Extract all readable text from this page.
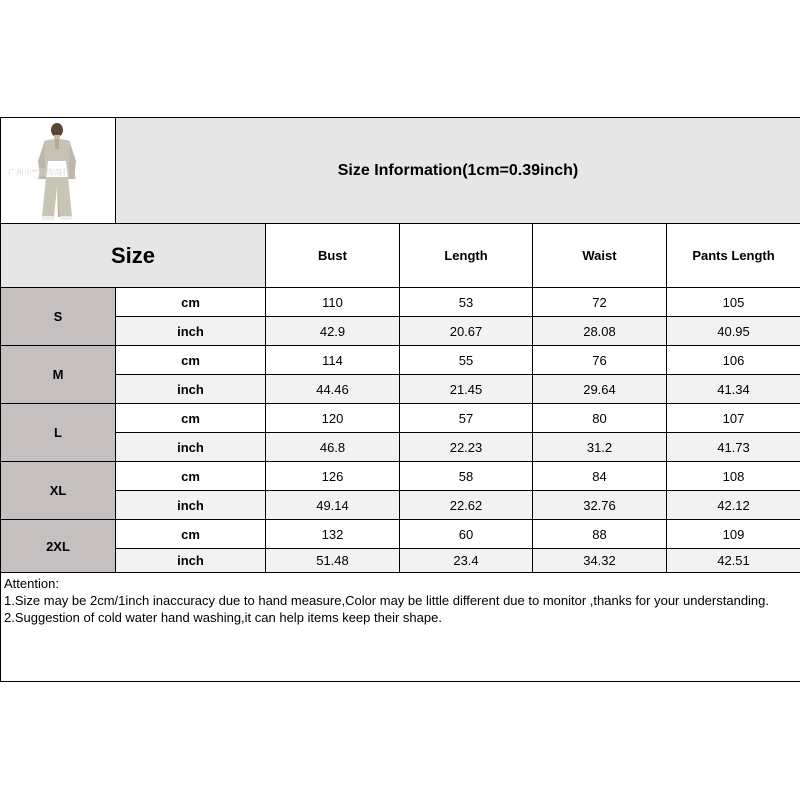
广州市**服饰商行	Size Information(1cm=0.39inch)				
Size		Bust	Length	Waist	Pants Length
S	cm	110	53	72	105
	inch	42.9	20.67	28.08	40.95
M	cm	114	55	76	106
	inch	44.46	21.45	29.64	41.34
L	cm	120	57	80	107
	inch	46.8	22.23	31.2	41.73
XL	cm	126	58	84	108
	inch	49.14	22.62	32.76	42.12
2XL	cm	132	60	88	109
	inch	51.48	23.4	34.32	42.51

Attention:
1.Size may be 2cm/1inch inaccuracy due to hand measure,Color may be little different due to monitor ,thanks for your understanding.
2.Suggestion of cold water hand washing,it can help items keep their shape.					
